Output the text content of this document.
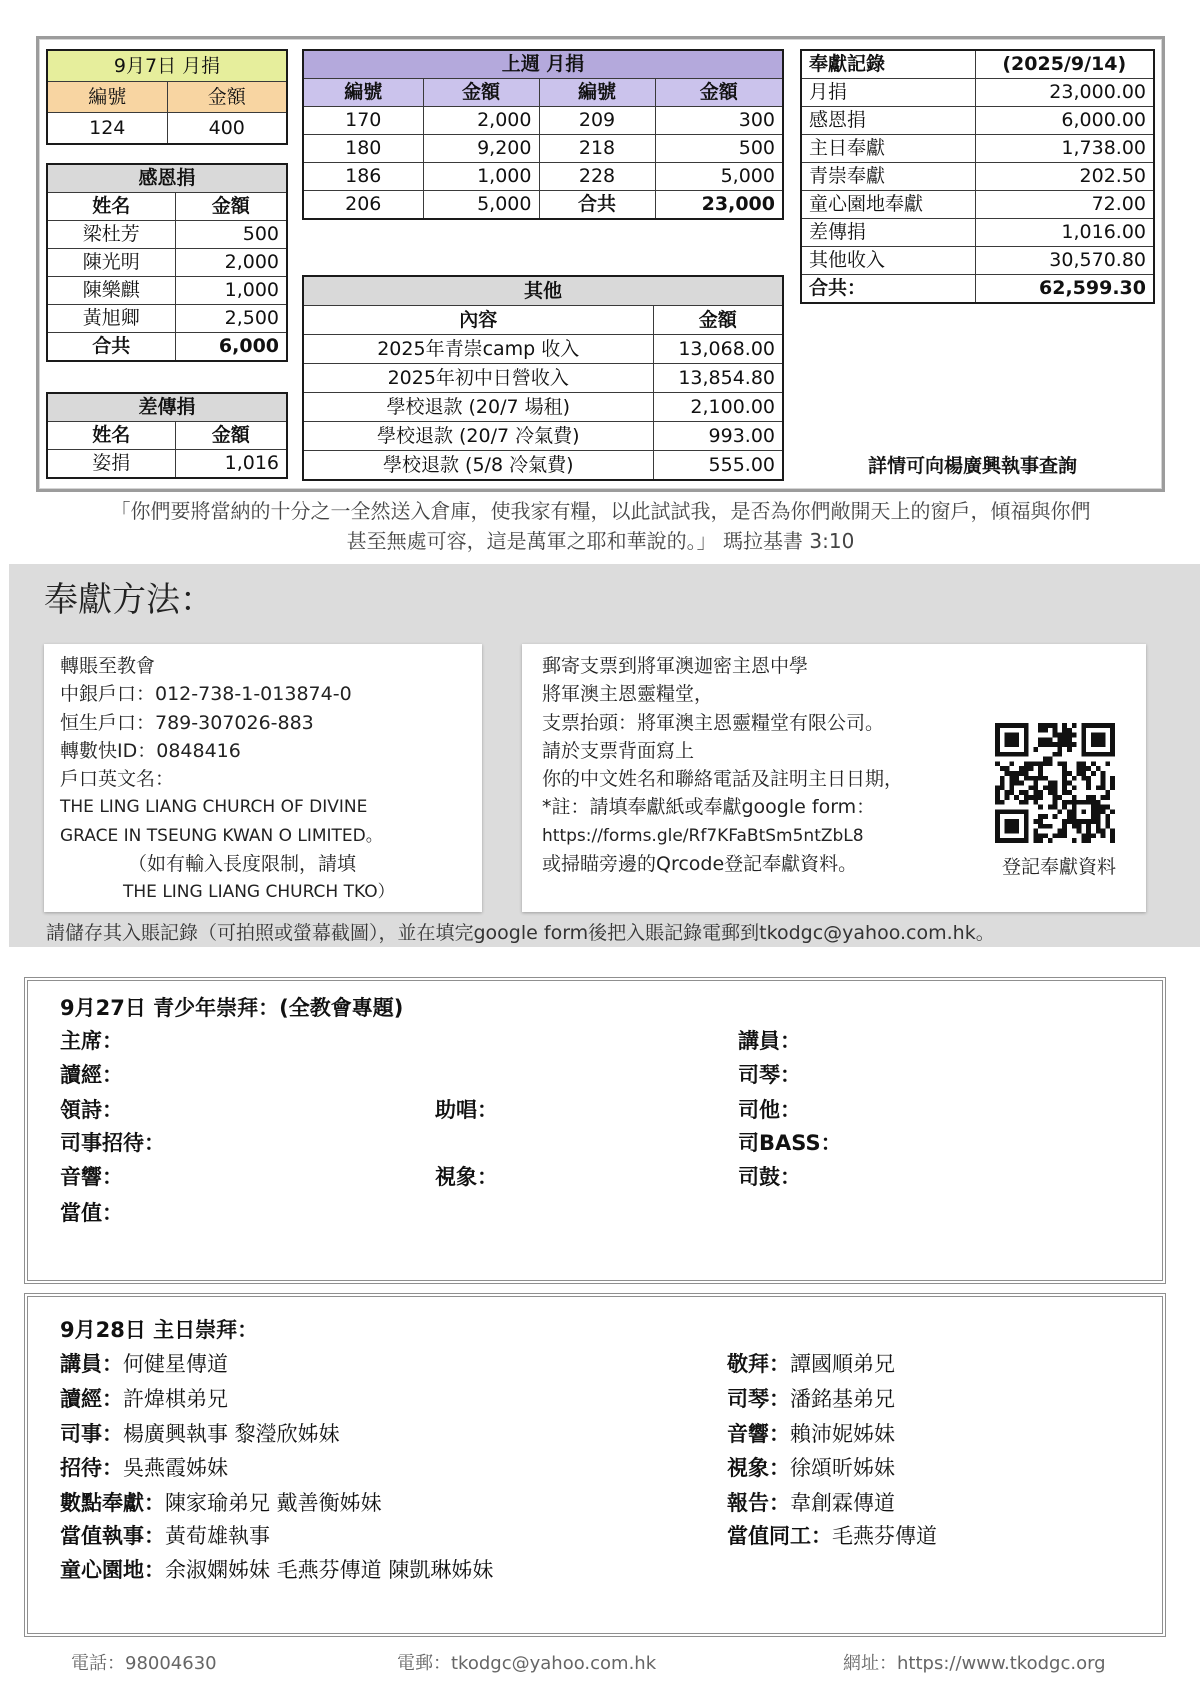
9月7日 月捐	
編號	金額
124	400
感恩捐	
姓名	金額
梁杜芳	500
陳光明	2,000
陳樂麒	1,000
黃旭卿	2,500
合共	6,000
差傳捐	
姓名	金額
姿捐	1,016
上週 月捐			
編號	金額	編號	金額
170	2,000	209	300
180	9,200	218	500
186	1,000	228	5,000
206	5,000	合共	23,000
其他	
內容	金額
2025年青崇camp 收入	13,068.00
2025年初中日營收入	13,854.80
學校退款 (20/7 場租)	2,100.00
學校退款 (20/7 冷氣費)	993.00
學校退款 (5/8 冷氣費)	555.00
奉獻記錄	(2025/9/14)
月捐	23,000.00
感恩捐	6,000.00
主日奉獻	1,738.00
青崇奉獻	202.50
童心園地奉獻	72.00
差傳捐	1,016.00
其他收入	30,570.80
合共：	62,599.30
詳情可向楊廣興執事查詢
「你們要將當納的十分之一全然送入倉庫，使我家有糧，以此試試我，是否為你們敞開天上的窗戶，傾福與你們
甚至無處可容，這是萬軍之耶和華說的。」 瑪拉基書 3:10
奉獻方法：
轉賬至教會
中銀戶口：012-738-1-013874-0
恒生戶口：789-307026-883
轉數快ID：0848416
戶口英文名：
THE LING LIANG CHURCH OF DIVINE
GRACE IN TSEUNG KWAN O LIMITED。
（如有輸入長度限制，請填
THE LING LIANG CHURCH TKO）
郵寄支票到將軍澳迦密主恩中學
將軍澳主恩靈糧堂，
支票抬頭：將軍澳主恩靈糧堂有限公司。
請於支票背面寫上
你的中文姓名和聯絡電話及註明主日日期，
*註：請填奉獻紙或奉獻google form：
https://forms.gle/Rf7KFaBtSm5ntZbL8
或掃瞄旁邊的Qrcode登記奉獻資料。	登記奉獻資料
請儲存其入賬記錄（可拍照或螢幕截圖），並在填完google form後把入賬記錄電郵到tkodgc@yahoo.com.hk。
9月27日 青少年崇拜：(全教會專題)
主席：	講員：
讀經：	司琴：
領詩：	助唱：	司他：
司事招待：	司BASS：
音響：	視象：	司鼓：
當值：
9月28日 主日崇拜：
講員：何健星傳道	敬拜：譚國順弟兄
讀經：許煒棋弟兄	司琴：潘銘基弟兄
司事：楊廣興執事 黎瀅欣姊妹	音響：賴沛妮姊妹
招待：吳燕霞姊妹	視象：徐頌昕姊妹
數點奉獻：陳家瑜弟兄 戴善衡姊妹	報告：韋創霖傳道
當值執事：黃荀雄執事	當值同工：毛燕芬傳道
童心園地：余淑嫻姊妹 毛燕芬傳道 陳凱琳姊妹
電話：98004630	電郵：tkodgc@yahoo.com.hk	網址：https://www.tkodgc.org
